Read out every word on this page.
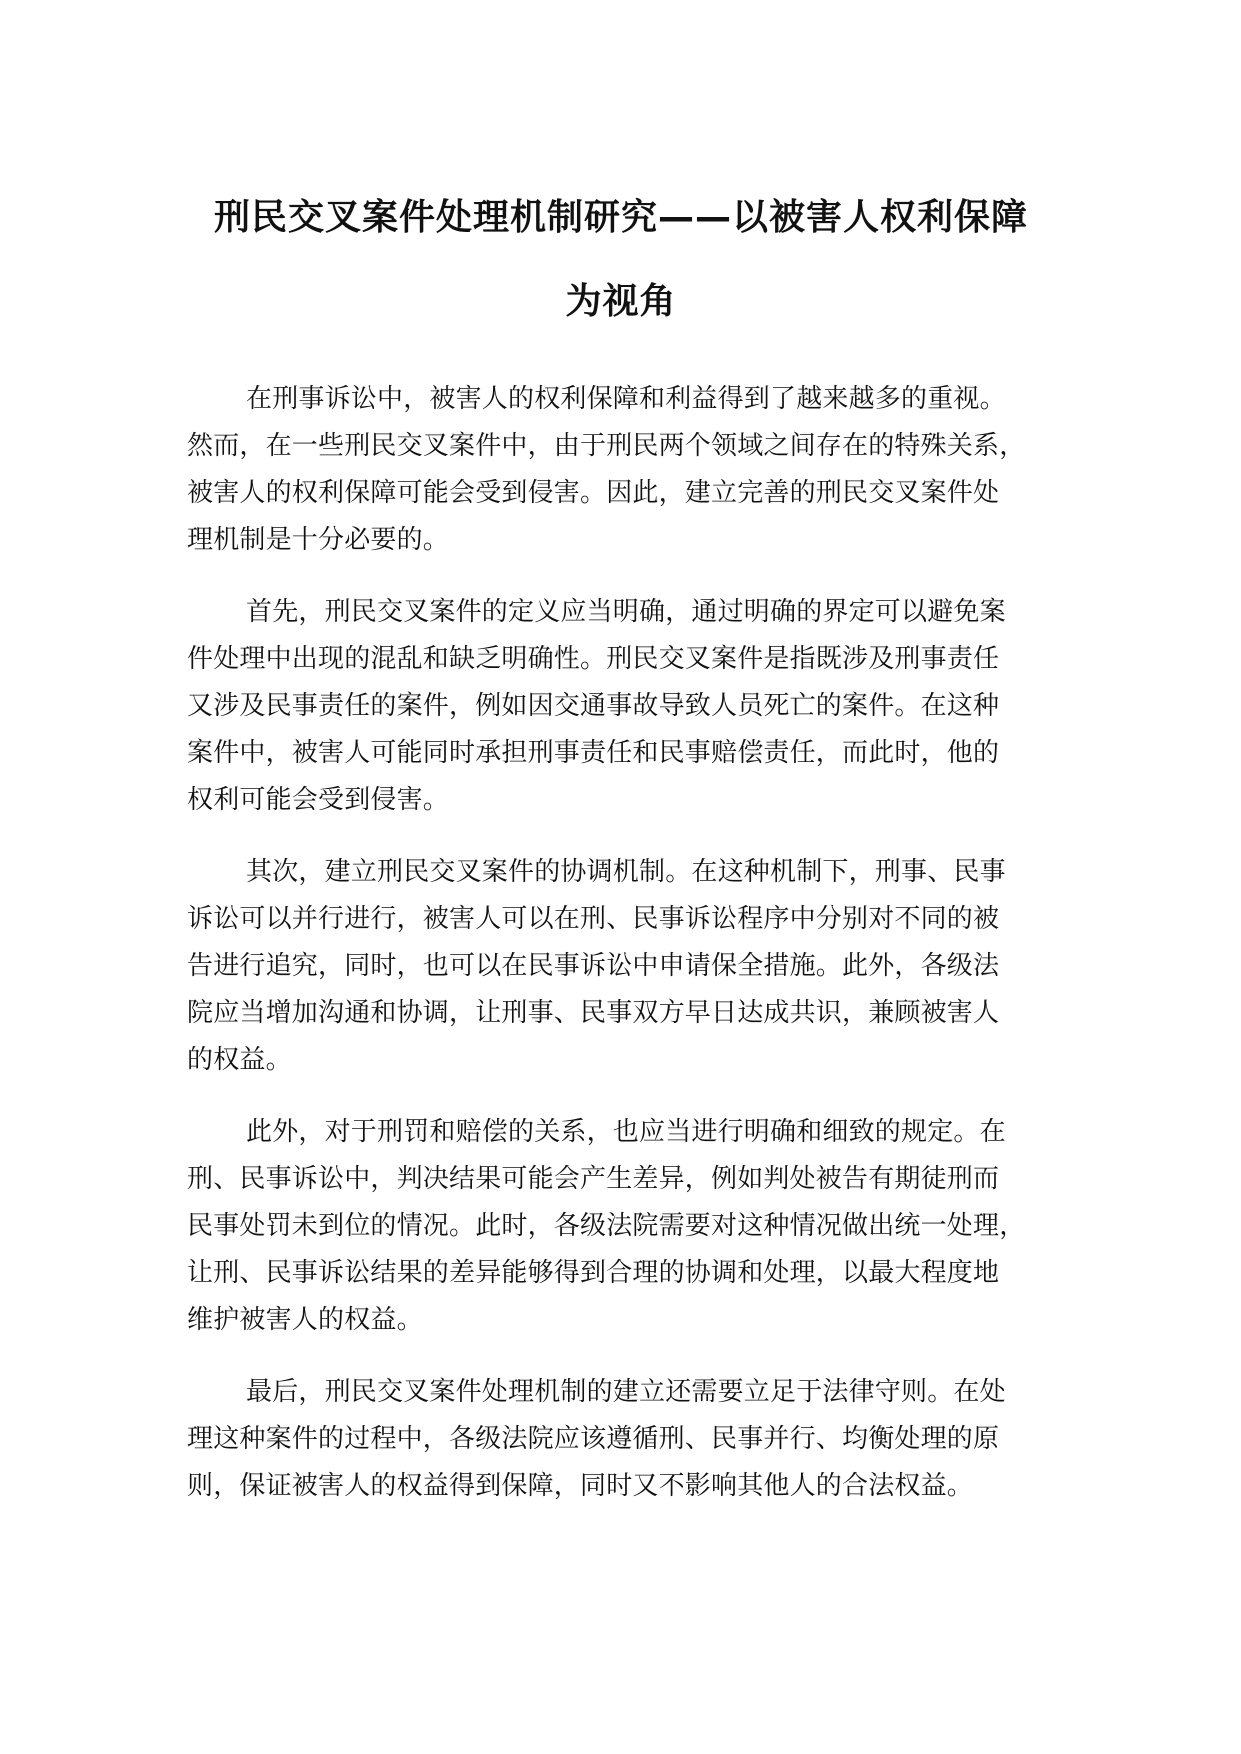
刑民交叉案件处理机制研究——以被害人权利保障
为视角
在刑事诉讼中，被害人的权利保障和利益得到了越来越多的重视。
然而，在一些刑民交叉案件中，由于刑民两个领域之间存在的特殊关系，
被害人的权利保障可能会受到侵害。因此，建立完善的刑民交叉案件处
理机制是十分必要的。
首先，刑民交叉案件的定义应当明确，通过明确的界定可以避免案
件处理中出现的混乱和缺乏明确性。刑民交叉案件是指既涉及刑事责任
又涉及民事责任的案件，例如因交通事故导致人员死亡的案件。在这种
案件中，被害人可能同时承担刑事责任和民事赔偿责任，而此时，他的
权利可能会受到侵害。
其次，建立刑民交叉案件的协调机制。在这种机制下，刑事、民事
诉讼可以并行进行，被害人可以在刑、民事诉讼程序中分别对不同的被
告进行追究，同时，也可以在民事诉讼中申请保全措施。此外，各级法
院应当增加沟通和协调，让刑事、民事双方早日达成共识，兼顾被害人
的权益。
此外，对于刑罚和赔偿的关系，也应当进行明确和细致的规定。在
刑、民事诉讼中，判决结果可能会产生差异，例如判处被告有期徒刑而
民事处罚未到位的情况。此时，各级法院需要对这种情况做出统一处理，
让刑、民事诉讼结果的差异能够得到合理的协调和处理，以最大程度地
维护被害人的权益。
最后，刑民交叉案件处理机制的建立还需要立足于法律守则。在处
理这种案件的过程中，各级法院应该遵循刑、民事并行、均衡处理的原
则，保证被害人的权益得到保障，同时又不影响其他人的合法权益。
